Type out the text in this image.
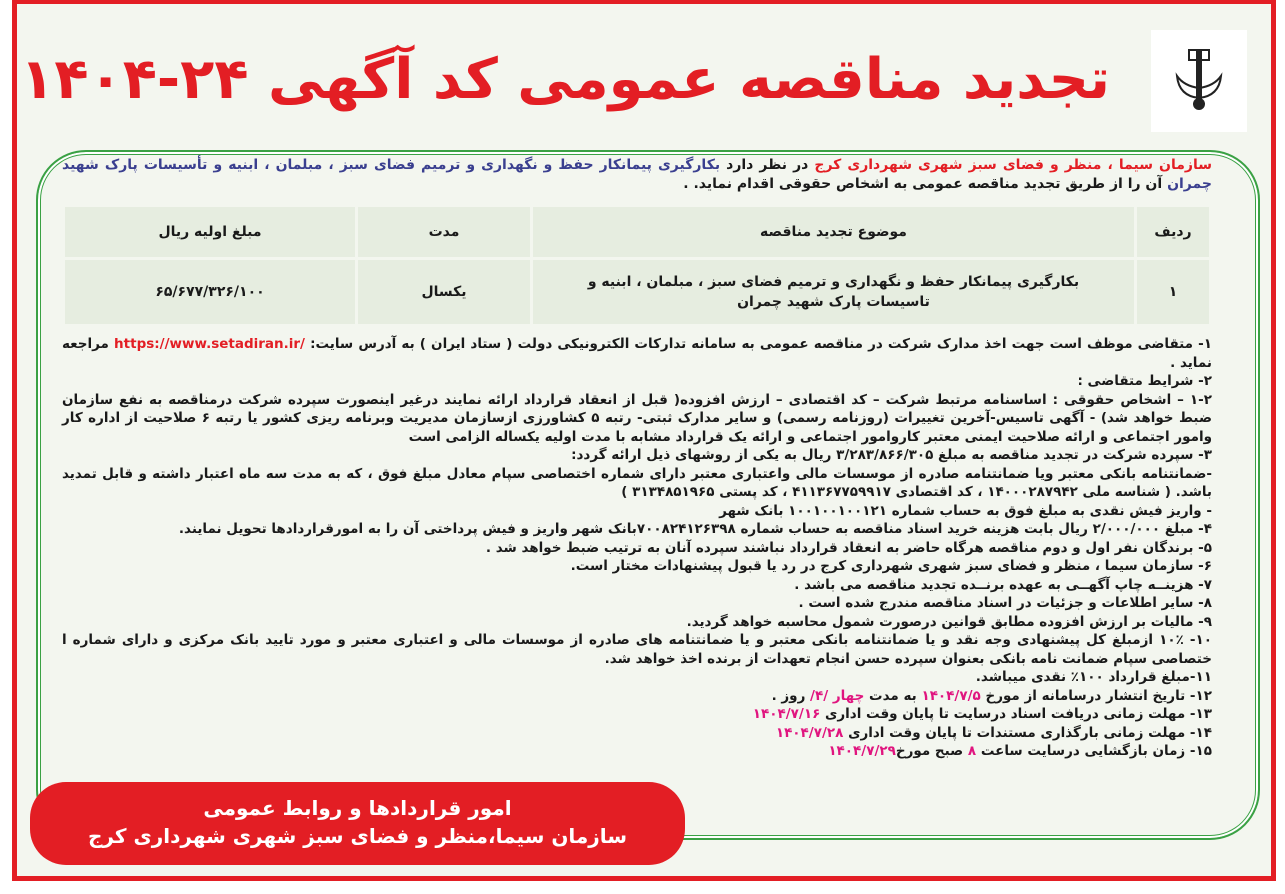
تجدید مناقصه عمومی کد آگهی ۲۴-۱۴۰۴
سازمان سیما ، منظر و فضای سبز شهری شهرداری کرج در نظر دارد بکارگیری پیمانکار حفظ و نگهداری و ترمیم فضای سبز ، مبلمان ، ابنیه و تأسیسات پارک شهید چمران آن را از طریق تجدید مناقصه عمومی به اشخاص حقوقی اقدام نماید. .
ردیف	موضوع تجدید مناقصه	مدت	مبلغ اولیه ریال
۱	بکارگیری پیمانکار حفظ و نگهداری و ترمیم فضای سبز ، مبلمان ، ابنیه و تاسیسات پارک شهید چمران	یکسال	۶۵/۶۷۷/۳۲۶/۱۰۰

۱- متقاضی موظف است جهت اخذ مدارک شرکت در مناقصه عمومی به سامانه تدارکات الکترونیکی دولت ( ستاد ایران ) به آدرس سایت: https://www.setadiran.ir/ مراجعه نماید .

۲- شرایط متقاضی :

۱-۲ – اشخاص حقوقی : اساسنامه مرتبط شرکت – کد اقتصادی – ارزش افزوده( قبل از انعقاد قرارداد ارائه نمایند درغیر اینصورت سپرده شرکت درمناقصه به نفع سازمان ضبط خواهد شد) - آگهی تاسیس-آخرین تغییرات (روزنامه رسمی) و سایر مدارک ثبتی- رتبه ۵ کشاورزی ازسازمان مدیریت وبرنامه ریزی کشور یا رتبه ۶ صلاحیت از اداره کار وامور اجتماعی و ارائه صلاحیت ایمنی معتبر کاروامور اجتماعی و ارائه یک قرارداد مشابه با مدت اولیه یکساله الزامی است

۳- سپرده شرکت در تجدید مناقصه به مبلغ ۳/۲۸۳/۸۶۶/۳۰۵ ریال به یکی از روشهای ذیل ارائه گردد:

-ضمانتنامه بانکی معتبر ویا ضمانتنامه صادره از موسسات مالی واعتباری معتبر دارای شماره اختصاصی سپام معادل مبلغ فوق ، که به مدت سه ماه اعتبار داشته و قابل تمدید باشد. ( شناسه ملی ۱۴۰۰۰۲۸۷۹۴۲ ، کد اقتصادی ۴۱۱۳۶۷۷۵۹۹۱۷ ، کد پستی ۳۱۳۴۸۵۱۹۶۵ )

- واریز فیش نقدی به مبلغ فوق به حساب شماره ۱۰۰۱۰۰۱۰۰۱۲۱ بانک شهر

۴- مبلغ ۲/۰۰۰/۰۰۰ ریال بابت هزینه خرید اسناد مناقصه به حساب شماره ۷۰۰۸۲۴۱۲۶۳۹۸بانک شهر واریز و فیش پرداختی آن را به امورقراردادها تحویل نمایند.

۵- برندگان نفر اول و دوم مناقصه هرگاه حاضر به انعقاد قرارداد نباشند سپرده آنان به ترتیب ضبط خواهد شد .

۶- سازمان سیما ، منظر و فضای سبز شهری شهرداری کرج در رد یا قبول پیشنهادات مختار است.

۷- هزینــه چاپ آگهــی به عهده برنــده تجدید مناقصه می باشد .

۸- سایر اطلاعات و جزئیات در اسناد مناقصه مندرج شده است .

۹- مالیات بر ارزش افزوده مطابق قوانین درصورت شمول محاسبه خواهد گردید.

۱۰- ۱۰٪ ازمبلغ کل پیشنهادی وجه نقد و یا ضمانتنامه بانکی معتبر و یا ضمانتنامه های صادره از موسسات مالی و اعتباری معتبر و مورد تایید بانک مرکزی و دارای شماره ا ختصاصی سپام ضمانت نامه بانکی بعنوان سپرده حسن انجام تعهدات از برنده اخذ خواهد شد.

۱۱-مبلغ قرارداد ۱۰۰٪ نقدی میباشد.

۱۲- تاریخ انتشار درسامانه از مورخ ۱۴۰۴/۷/۵ به مدت چهار /۴/ روز .

۱۳- مهلت زمانی دریافت اسناد درسایت تا پایان وقت اداری ۱۴۰۴/۷/۱۶

۱۴- مهلت زمانی بارگذاری مستندات تا پایان وقت اداری ۱۴۰۴/۷/۲۸

۱۵- زمان بازگشایی درسایت ساعت ۸ صبح مورخ۱۴۰۴/۷/۲۹

امور قراردادها و روابط عمومی
سازمان سیما،منظر و فضای سبز شهری شهرداری کرج
